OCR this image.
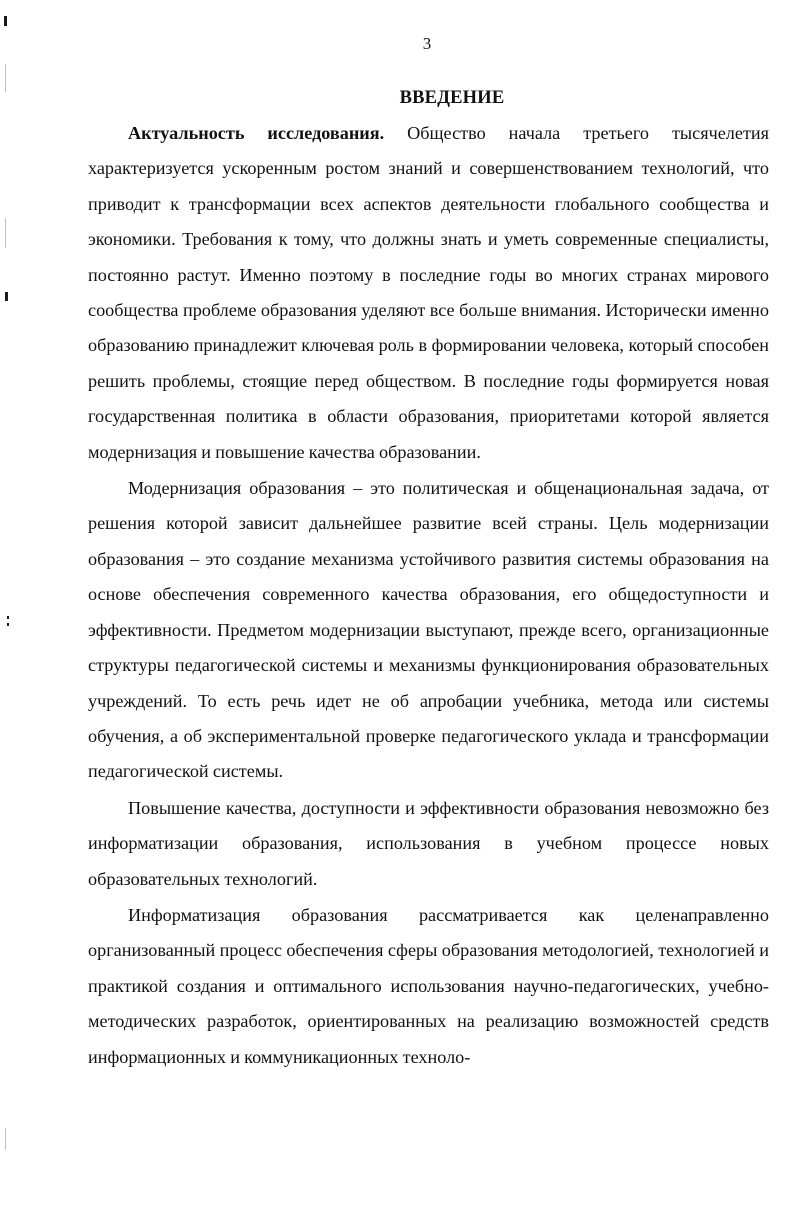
3
ВВЕДЕНИЕ

Актуальность исследования. Общество начала третьего тысячелетия характеризуется ускоренным ростом знаний и совершенствованием технологий, что приводит к трансформации всех аспектов деятельности глобального сообщества и экономики. Требования к тому, что должны знать и уметь современные специалисты, постоянно растут. Именно поэтому в последние годы во многих странах мирового сообщества проблеме образования уделяют все больше внимания. Исторически именно образованию принадлежит ключевая роль в формировании человека, который способен решить проблемы, стоящие перед обществом. В последние годы формируется новая государственная политика в области образования, приоритетами которой является модернизация и повышение качества образовании.

Модернизация образования – это политическая и общенациональная задача, от решения которой зависит дальнейшее развитие всей страны. Цель модернизации образования – это создание механизма устойчивого развития системы образования на основе обеспечения современного качества образования, его общедоступности и эффективности. Предметом модернизации выступают, прежде всего, организационные структуры педагогической системы и механизмы функционирования образовательных учреждений. То есть речь идет не об апробации учебника, метода или системы обучения, а об экспериментальной проверке педагогического уклада и трансформации педагогической системы.

Повышение качества, доступности и эффективности образования невозможно без информатизации образования, использования в учебном процессе новых образовательных технологий.

Информатизация образования рассматривается как целенаправленно организованный процесс обеспечения сферы образования методологией, технологией и практикой создания и оптимального использования научно-педагогических, учебно-методических разработок, ориентированных на реализацию возможностей средств информационных и коммуникационных техноло-
